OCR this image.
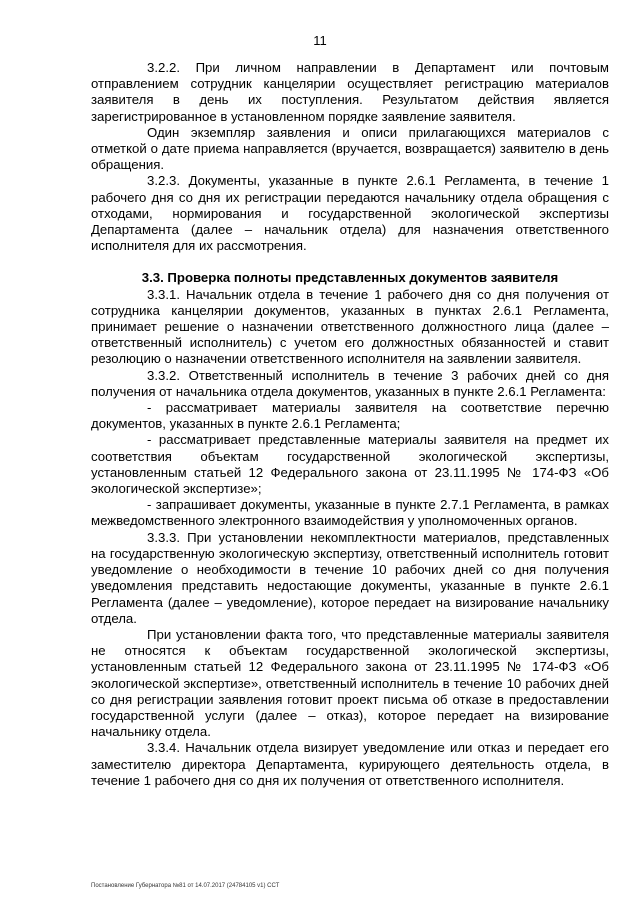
11

3.2.2. При личном направлении в Департамент или почтовым отправлением сотрудник канцелярии осуществляет регистрацию материалов заявителя в день их поступления. Результатом действия является зарегистрированное в установленном порядке заявление заявителя.

Один экземпляр заявления и описи прилагающихся материалов с отметкой о дате приема направляется (вручается, возвращается) заявителю в день обращения.

3.2.3. Документы, указанные в пункте 2.6.1 Регламента, в течение 1 рабочего дня со дня их регистрации передаются начальнику отдела обращения с отходами, нормирования и государственной экологической экспертизы Департамента (далее – начальник отдела) для назначения ответственного исполнителя для их рассмотрения.

3.3. Проверка полноты представленных документов заявителя

3.3.1. Начальник отдела в течение 1 рабочего дня со дня получения от сотрудника канцелярии документов, указанных в пунктах 2.6.1 Регламента, принимает решение о назначении ответственного должностного лица (далее – ответственный исполнитель) с учетом его должностных обязанностей и ставит резолюцию о назначении ответственного исполнителя на заявлении заявителя.

3.3.2. Ответственный исполнитель в течение 3 рабочих дней со дня получения от начальника отдела документов, указанных в пункте 2.6.1 Регламента:

- рассматривает материалы заявителя на соответствие перечню документов, указанных в пункте 2.6.1 Регламента;

- рассматривает представленные материалы заявителя на предмет их соответствия объектам государственной экологической экспертизы, установленным статьей 12 Федерального закона от 23.11.1995 № 174-ФЗ «Об экологической экспертизе»;

- запрашивает документы, указанные в пункте 2.7.1 Регламента, в рамках межведомственного электронного взаимодействия у уполномоченных органов.

3.3.3. При установлении некомплектности материалов, представленных на государственную экологическую экспертизу, ответственный исполнитель готовит уведомление о необходимости в течение 10 рабочих дней со дня получения уведомления представить недостающие документы, указанные в пункте 2.6.1 Регламента (далее – уведомление), которое передает на визирование начальнику отдела.

При установлении факта того, что представленные материалы заявителя не относятся к объектам государственной экологической экспертизы, установленным статьей 12 Федерального закона от 23.11.1995 № 174-ФЗ «Об экологической экспертизе», ответственный исполнитель в течение 10 рабочих дней со дня регистрации заявления готовит проект письма об отказе в предоставлении государственной услуги (далее – отказ), которое передает на визирование начальнику отдела.

3.3.4. Начальник отдела визирует уведомление или отказ и передает его заместителю директора Департамента, курирующего деятельность отдела, в течение 1 рабочего дня со дня их получения от ответственного исполнителя.

Постановление Губернатора №81 от 14.07.2017 (24784105 v1) ССТ
